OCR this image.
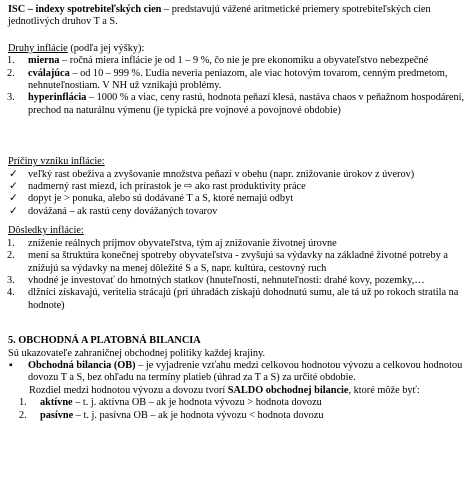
ISC – indexy spotrebiteľských cien – predstavujú vážené aritmetické priemery spotrebiteľských cien jednotlivých druhov T a S.

Druhy inflácie (podľa jej výšky):

1. mierna – ročná miera inflácie je od 1 – 9 %, čo nie je pre ekonomiku a obyvateľstvo nebezpečné
2. cválajúca – od 10 – 999 %. Ľudia neveria peniazom, ale viac hotovým tovarom, cenným predmetom, nehnuteľnostiam. V NH už vznikajú problémy.
3. hyperinflácia – 1000 % a viac, ceny rastú, hodnota peňazí klesá, nastáva chaos v peňažnom hospodárení, prechod na naturálnu výmenu (je typická pre vojnové a povojnové obdobie)

Príčiny vzniku inflácie:

✓ veľký rast obeživa a zvyšovanie množstva peňazí v obehu (napr. znižovanie úrokov z úverov)
✓ nadmerný rast miezd, ich prírastok je ⇨ ako rast produktivity práce
✓ dopyt je > ponuka, alebo sú dodávané T a S, ktoré nemajú odbyt
✓ dovážaná – ak rastú ceny dovážaných tovarov

Dôsledky inflácie:

1. zníženie reálnych príjmov obyvateľstva, tým aj znižovanie životnej úrovne
2. mení sa štruktúra konečnej spotreby obyvateľstva - zvyšujú sa výdavky na základné životné potreby a znižujú sa výdavky na menej dôležité S a S, napr. kultúra, cestovný ruch
3. vhodné je investovať do hmotných statkov (hnuteľnosti, nehnuteľnosti: drahé kovy, pozemky,…
4. dlžníci získavajú, veritelia strácajú (pri úhradách získajú dohodnutú sumu, ale tá už po rokoch stratila na hodnote)

5. OBCHODNÁ A PLATOBNÁ BILANCIA

Sú ukazovateľe zahraničnej obchodnej politiky každej krajiny.

▪ Obchodná bilancia (OB) – je vyjadrenie vzťahu medzi celkovou hodnotou vývozu a celkovou hodnotou dovozu T a S, bez ohľadu na termíny platieb (úhrad za T a S) za určité obdobie.

Rozdiel medzi hodnotou vývozu a dovozu tvorí SALDO obchodnej bilancie, ktoré môže byť:

1. aktívne – t. j. aktívna OB – ak je hodnota vývozu > hodnota dovozu
2. pasívne – t. j. pasívna OB – ak je hodnota vývozu < hodnota dovozu
